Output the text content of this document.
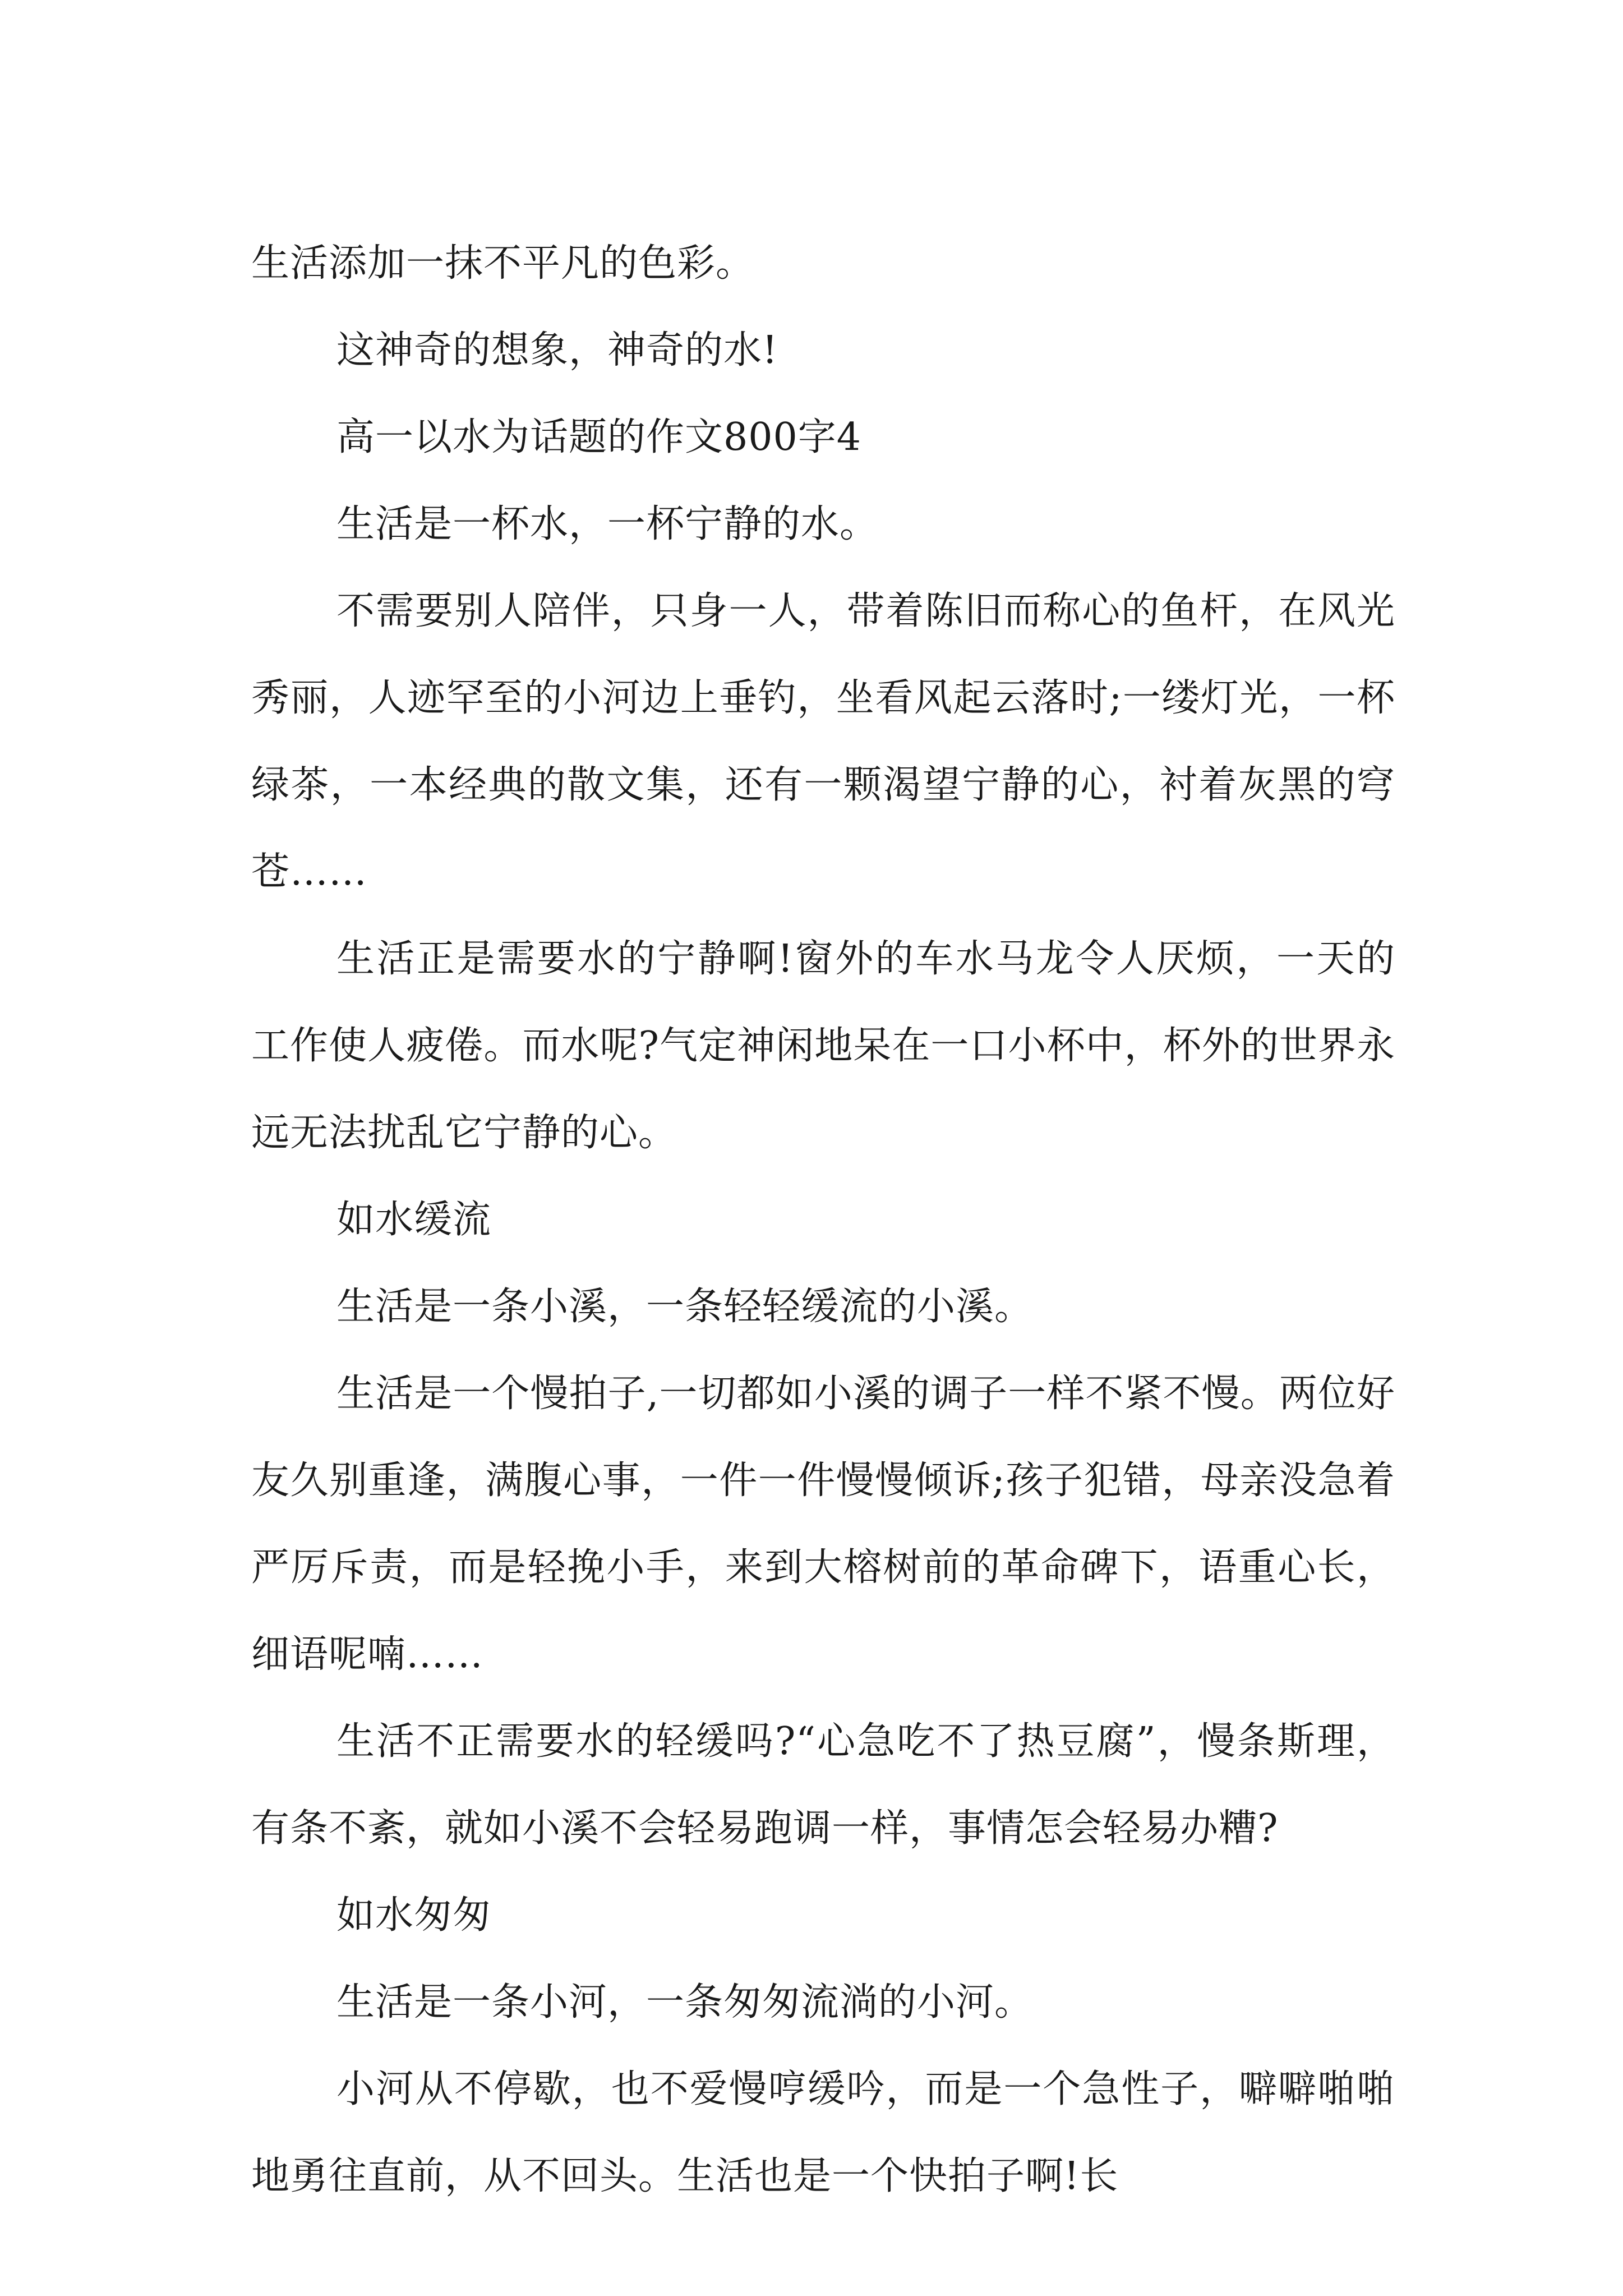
生活添加一抹不平凡的色彩。

这神奇的想象，神奇的水!

高一以水为话题的作文800字4

生活是一杯水，一杯宁静的水。

不需要别人陪伴，只身一人，带着陈旧而称心的鱼杆，在风光秀丽，人迹罕至的小河边上垂钓，坐看风起云落时;一缕灯光，一杯绿茶，一本经典的散文集，还有一颗渴望宁静的心，衬着灰黑的穹苍……

生活正是需要水的宁静啊!窗外的车水马龙令人厌烦，一天的工作使人疲倦。而水呢?气定神闲地呆在一口小杯中，杯外的世界永远无法扰乱它宁静的心。

如水缓流

生活是一条小溪，一条轻轻缓流的小溪。

生活是一个慢拍子,一切都如小溪的调子一样不紧不慢。两位好友久别重逢，满腹心事，一件一件慢慢倾诉;孩子犯错，母亲没急着严厉斥责，而是轻挽小手，来到大榕树前的革命碑下，语重心长，细语呢喃……

生活不正需要水的轻缓吗?“心急吃不了热豆腐”，慢条斯理，有条不紊，就如小溪不会轻易跑调一样，事情怎会轻易办糟?

如水匆匆

生活是一条小河，一条匆匆流淌的小河。

小河从不停歇，也不爱慢哼缓吟，而是一个急性子，噼噼啪啪地勇往直前，从不回头。生活也是一个快拍子啊!长
